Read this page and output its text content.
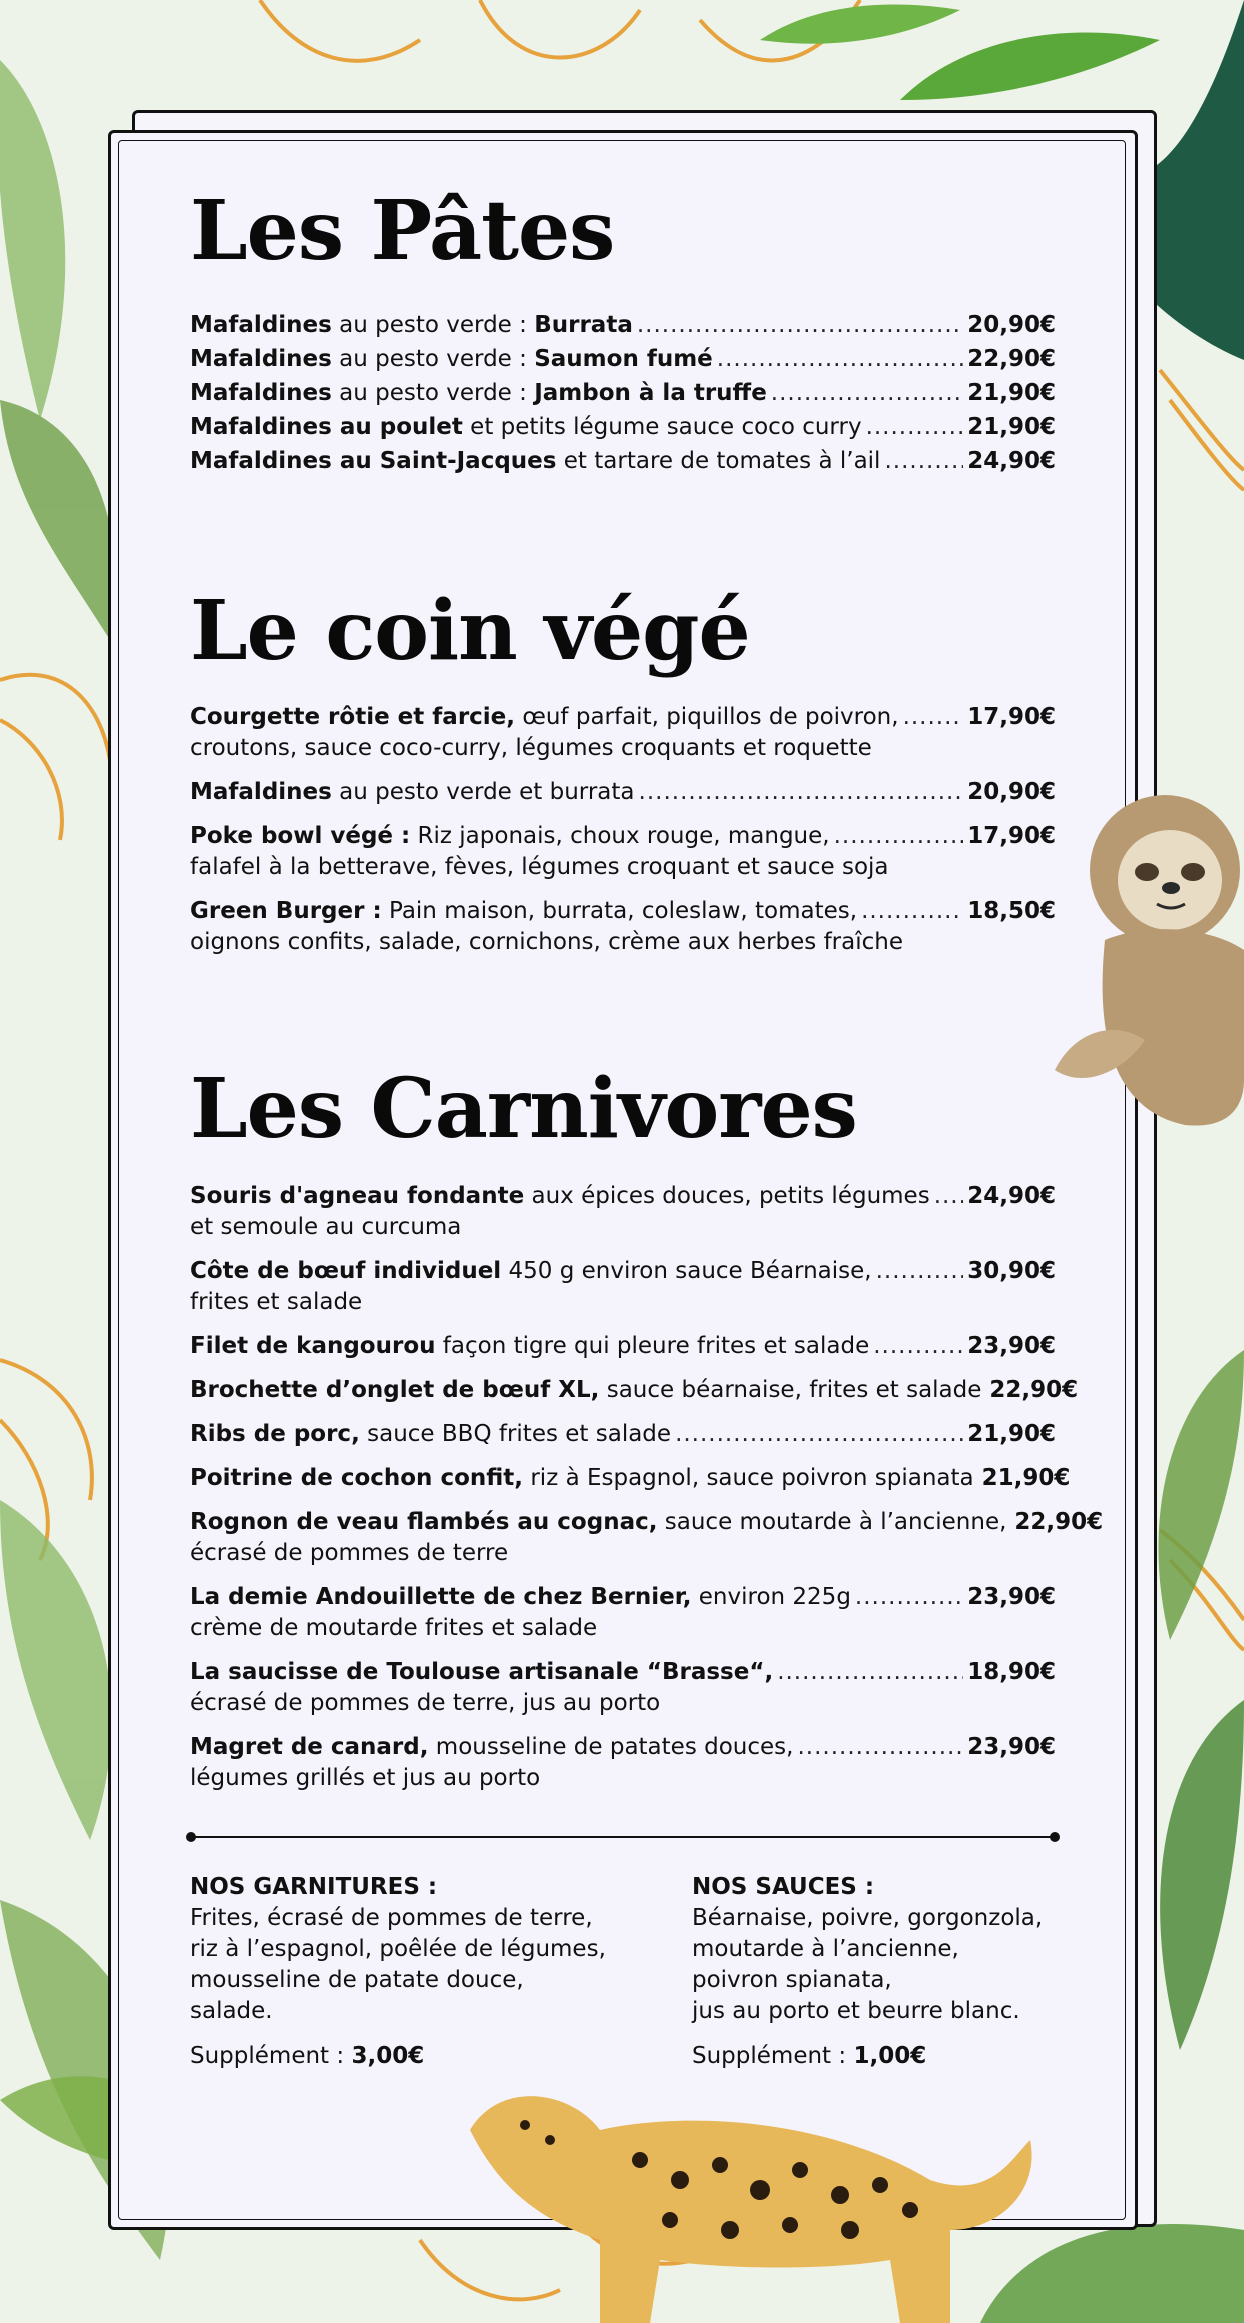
Les Pâtes
Mafaldines au pesto verde : Burrata .....	20,90€
Mafaldines au pesto verde : Saumon fumé .....	22,90€
Mafaldines au pesto verde : Jambon à la truffe .....	21,90€
Mafaldines au poulet et petits légume sauce coco curry .....	21,90€
Mafaldines au Saint-Jacques et tartare de tomates à l’ail .....	24,90€
Le coin végé
Courgette rôtie et farcie, œuf parfait, piquillos de poivron, .....	17,90€
croutons, sauce coco-curry, légumes croquants et roquette
Mafaldines au pesto verde et burrata .....	20,90€
Poke bowl végé : Riz japonais, choux rouge, mangue, .....	17,90€
falafel à la betterave, fèves, légumes croquant et sauce soja
Green Burger : Pain maison, burrata, coleslaw, tomates, .....	18,50€
oignons confits, salade, cornichons, crème aux herbes fraîche
Les Carnivores
Souris d'agneau fondante aux épices douces, petits légumes ..... 24,90€
et semoule au curcuma
Côte de bœuf individuel 450 g environ sauce Béarnaise, .....	30,90€
frites et salade
Filet de kangourou façon tigre qui pleure frites et salade .....	23,90€
Brochette d’onglet de bœuf XL, sauce béarnaise, frites et salade 22,90€
Ribs de porc, sauce BBQ frites et salade .....	21,90€
Poitrine de cochon confit, riz à Espagnol, sauce poivron spianata 21,90€
Rognon de veau flambés au cognac, sauce moutarde à l’ancienne, 22,90€
écrasé de pommes de terre
La demie Andouillette de chez Bernier, environ 225g .....	23,90€
crème de moutarde frites et salade
La saucisse de Toulouse artisanale “Brasse“, .....	18,90€
écrasé de pommes de terre, jus au porto
Magret de canard, mousseline de patates douces, .....	23,90€
légumes grillés et jus au porto
NOS GARNITURES :
Frites, écrasé de pommes de terre,
riz à l’espagnol, poêlée de légumes,
mousseline de patate douce,
salade.
Supplément : 3,00€
NOS SAUCES :
Béarnaise, poivre, gorgonzola,
moutarde à l’ancienne,
poivron spianata,
jus au porto et beurre blanc.
Supplément : 1,00€
